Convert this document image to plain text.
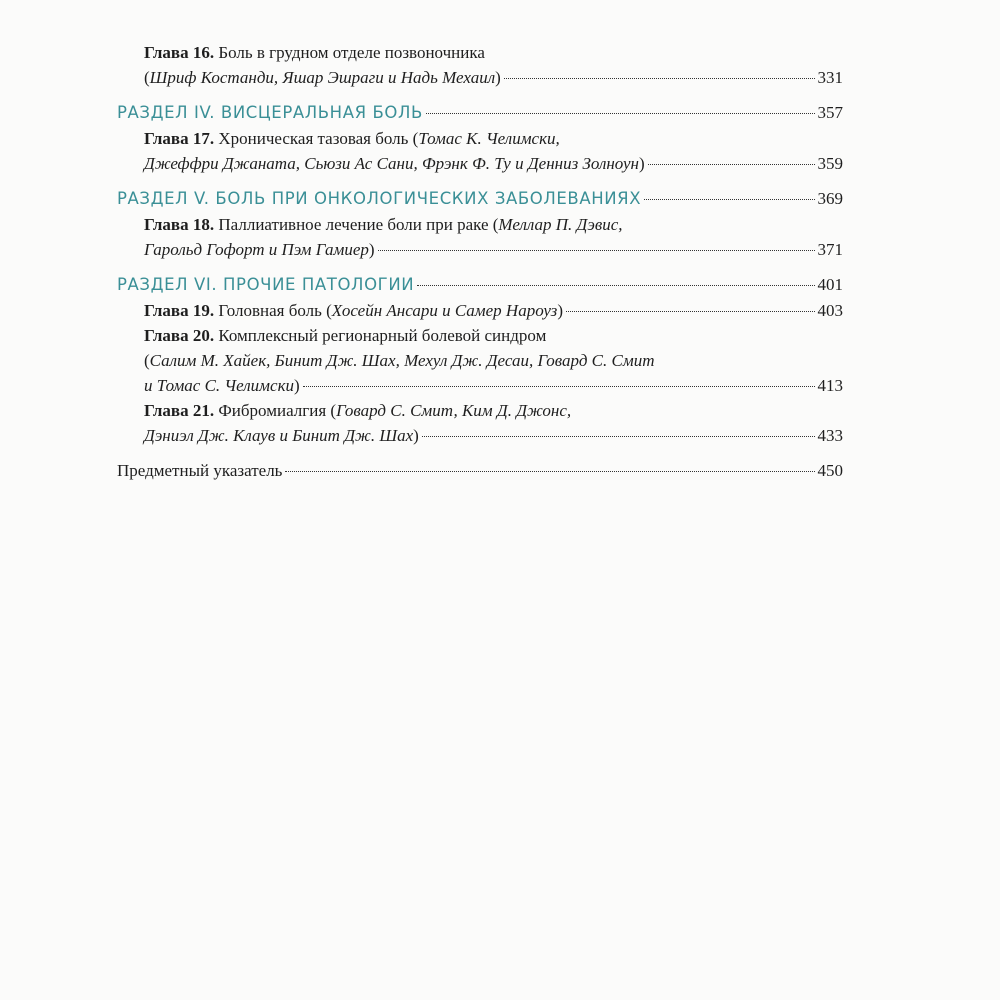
Глава 16.
Боль в грудном отделе позвоночника
( Шриф Костанди, Яшар Эшраги и Надь Мехаил )	331
РАЗДЕЛ IV. ВИСЦЕРАЛЬНАЯ БОЛЬ	357
Глава 17.
Хроническая тазовая боль
( Томас К. Челимски,
Джеффри Джаната, Сьюзи Ас Сани, Фрэнк Ф. Ту и Денниз Золноун )	359
РАЗДЕЛ V. БОЛЬ ПРИ ОНКОЛОГИЧЕСКИХ ЗАБОЛЕВАНИЯХ	369
Глава 18.
Паллиативное лечение боли при раке
( Меллар П. Дэвис,
Гарольд Гофорт и Пэм Гамиер )	371
РАЗДЕЛ VI. ПРОЧИЕ ПАТОЛОГИИ	401
Глава 19.
Головная боль
( Хосейн Ансари и Самер Нароуз )	403
Глава 20.
Комплексный регионарный болевой синдром
( Салим М. Хайек, Бинит Дж. Шах, Мехул Дж. Десаи, Говард С. Смит
и Томас С. Челимски )	413
Глава 21.
Фибромиалгия
( Говард С. Смит, Ким Д. Джонс,
Дэниэл Дж. Клаув и Бинит Дж. Шах )	433
Предметный указатель	450
